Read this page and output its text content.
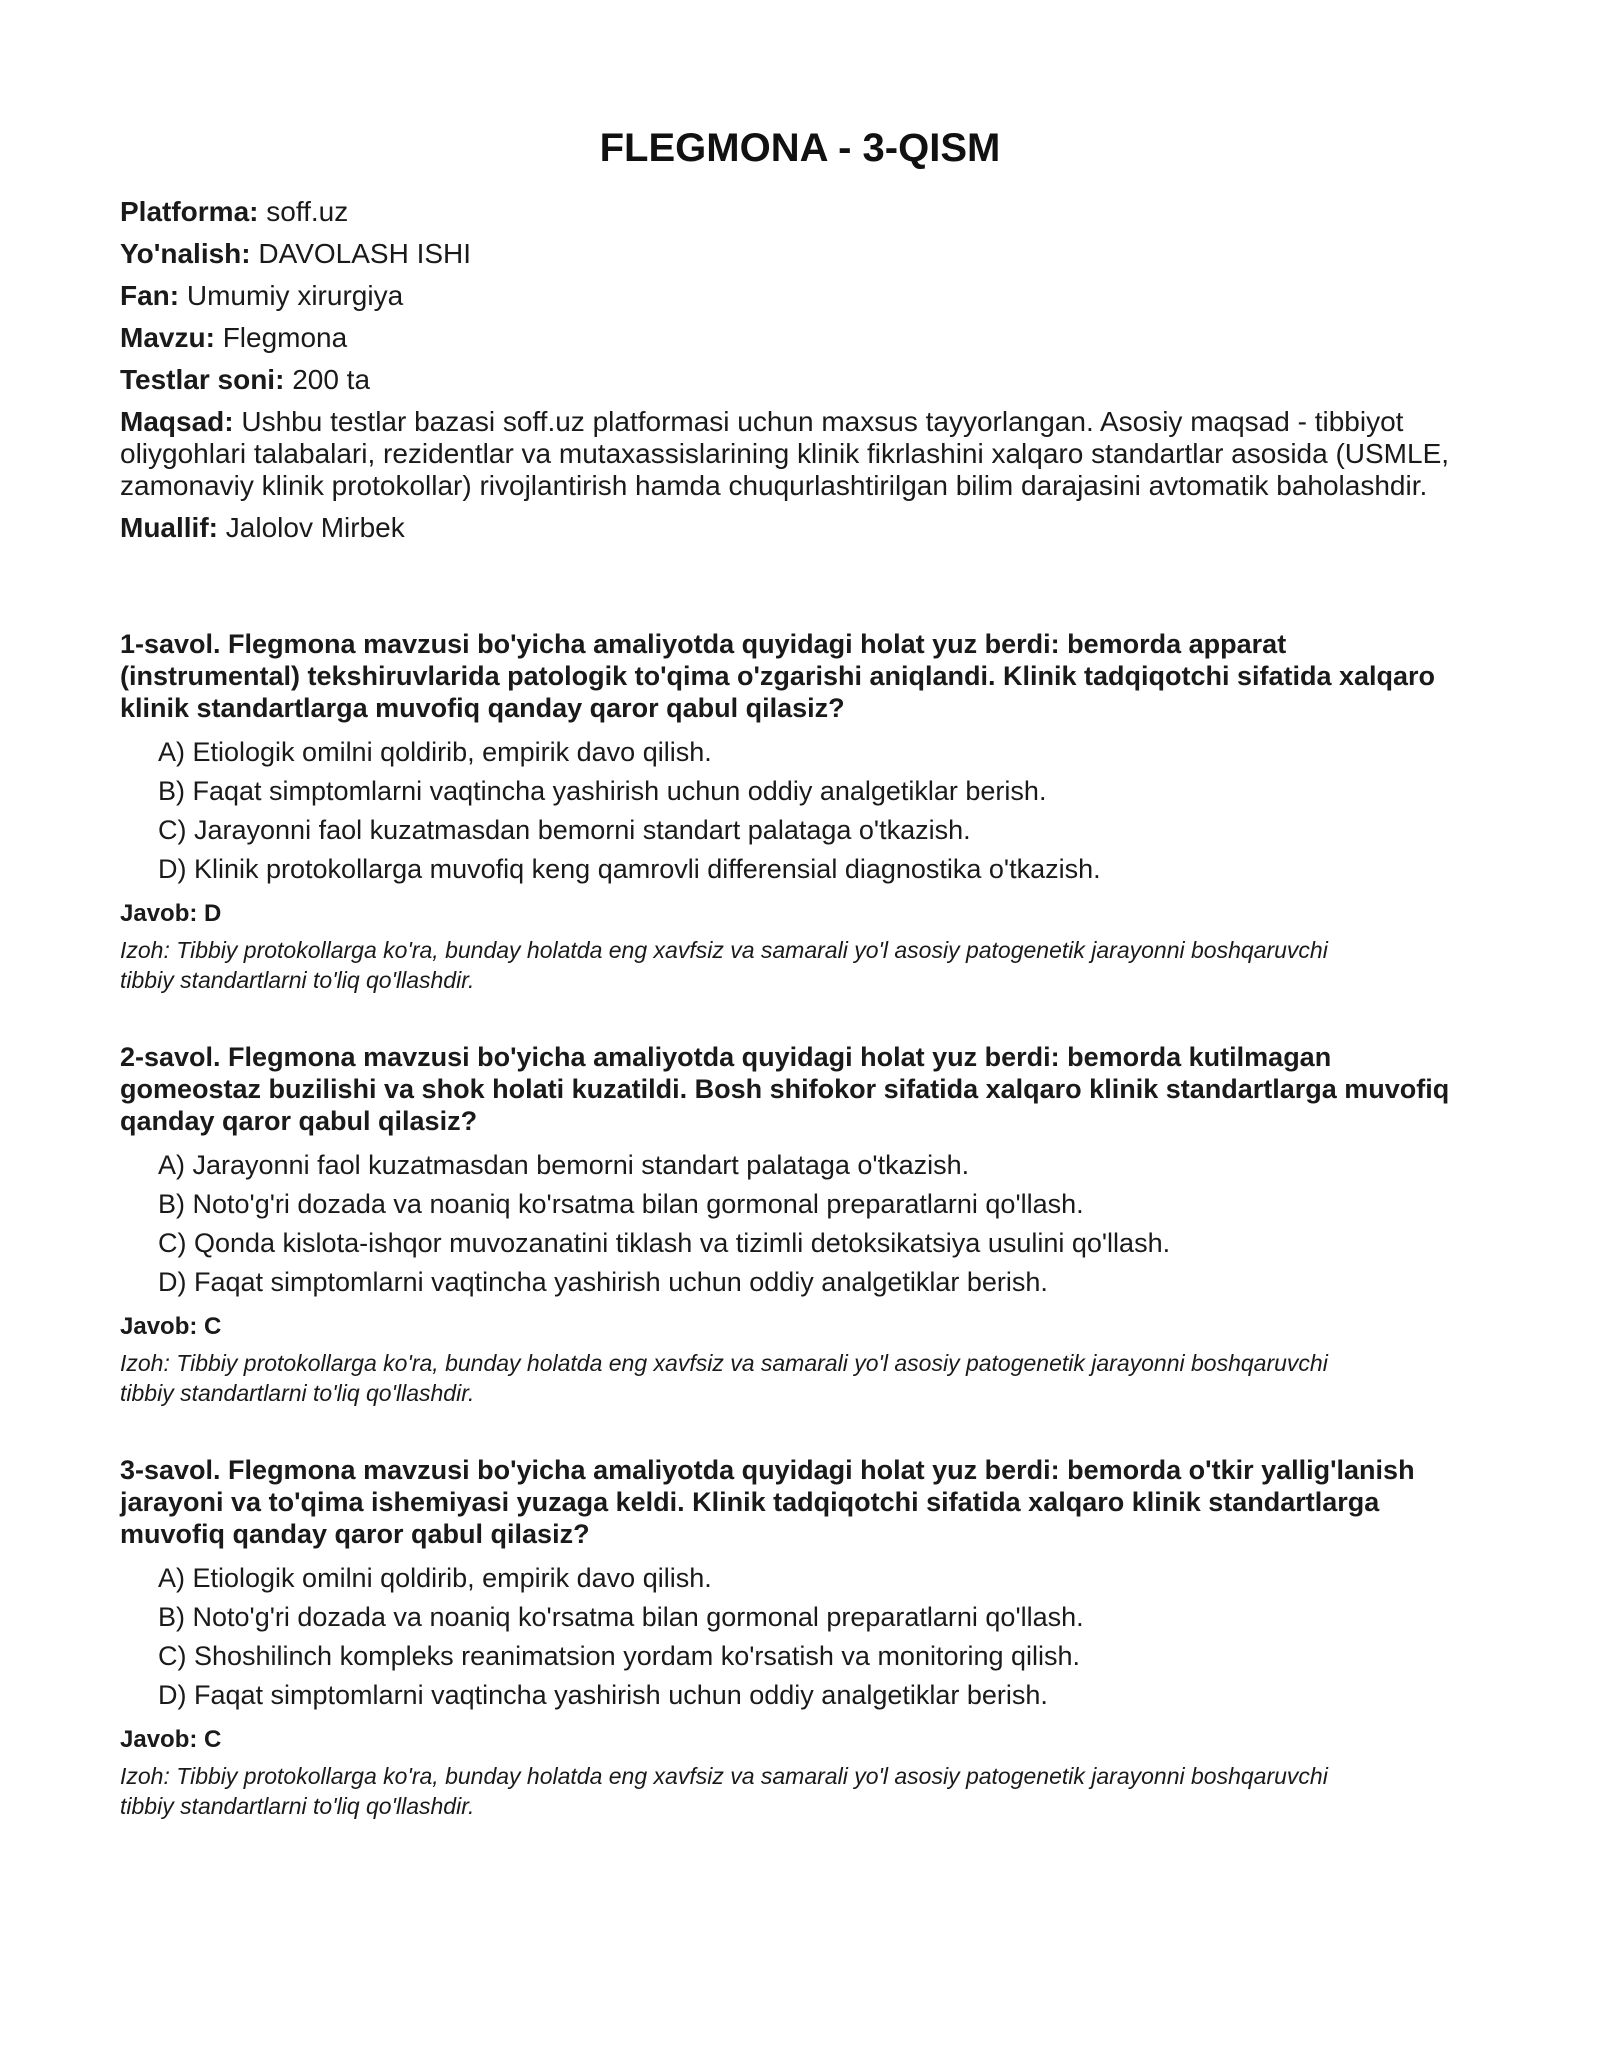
FLEGMONA - 3-QISM
Platforma: soff.uz
Yo'nalish: DAVOLASH ISHI
Fan: Umumiy xirurgiya
Mavzu: Flegmona
Testlar soni: 200 ta
Maqsad: Ushbu testlar bazasi soff.uz platformasi uchun maxsus tayyorlangan. Asosiy maqsad - tibbiyot oliygohlari talabalari, rezidentlar va mutaxassislarining klinik fikrlashini xalqaro standartlar asosida (USMLE, zamonaviy klinik protokollar) rivojlantirish hamda chuqurlashtirilgan bilim darajasini avtomatik baholashdir.
Muallif: Jalolov Mirbek
1-savol. Flegmona mavzusi bo'yicha amaliyotda quyidagi holat yuz berdi: bemorda apparat (instrumental) tekshiruvlarida patologik to'qima o'zgarishi aniqlandi. Klinik tadqiqotchi sifatida xalqaro klinik standartlarga muvofiq qanday qaror qabul qilasiz?
A) Etiologik omilni qoldirib, empirik davo qilish.
B) Faqat simptomlarni vaqtincha yashirish uchun oddiy analgetiklar berish.
C) Jarayonni faol kuzatmasdan bemorni standart palataga o'tkazish.
D) Klinik protokollarga muvofiq keng qamrovli differensial diagnostika o'tkazish.
Javob: D
Izoh: Tibbiy protokollarga ko'ra, bunday holatda eng xavfsiz va samarali yo'l asosiy patogenetik jarayonni boshqaruvchi tibbiy standartlarni to'liq qo'llashdir.
2-savol. Flegmona mavzusi bo'yicha amaliyotda quyidagi holat yuz berdi: bemorda kutilmagan gomeostaz buzilishi va shok holati kuzatildi. Bosh shifokor sifatida xalqaro klinik standartlarga muvofiq qanday qaror qabul qilasiz?
A) Jarayonni faol kuzatmasdan bemorni standart palataga o'tkazish.
B) Noto'g'ri dozada va noaniq ko'rsatma bilan gormonal preparatlarni qo'llash.
C) Qonda kislota-ishqor muvozanatini tiklash va tizimli detoksikatsiya usulini qo'llash.
D) Faqat simptomlarni vaqtincha yashirish uchun oddiy analgetiklar berish.
Javob: C
Izoh: Tibbiy protokollarga ko'ra, bunday holatda eng xavfsiz va samarali yo'l asosiy patogenetik jarayonni boshqaruvchi tibbiy standartlarni to'liq qo'llashdir.
3-savol. Flegmona mavzusi bo'yicha amaliyotda quyidagi holat yuz berdi: bemorda o'tkir yallig'lanish jarayoni va to'qima ishemiyasi yuzaga keldi. Klinik tadqiqotchi sifatida xalqaro klinik standartlarga muvofiq qanday qaror qabul qilasiz?
A) Etiologik omilni qoldirib, empirik davo qilish.
B) Noto'g'ri dozada va noaniq ko'rsatma bilan gormonal preparatlarni qo'llash.
C) Shoshilinch kompleks reanimatsion yordam ko'rsatish va monitoring qilish.
D) Faqat simptomlarni vaqtincha yashirish uchun oddiy analgetiklar berish.
Javob: C
Izoh: Tibbiy protokollarga ko'ra, bunday holatda eng xavfsiz va samarali yo'l asosiy patogenetik jarayonni boshqaruvchi tibbiy standartlarni to'liq qo'llashdir.
